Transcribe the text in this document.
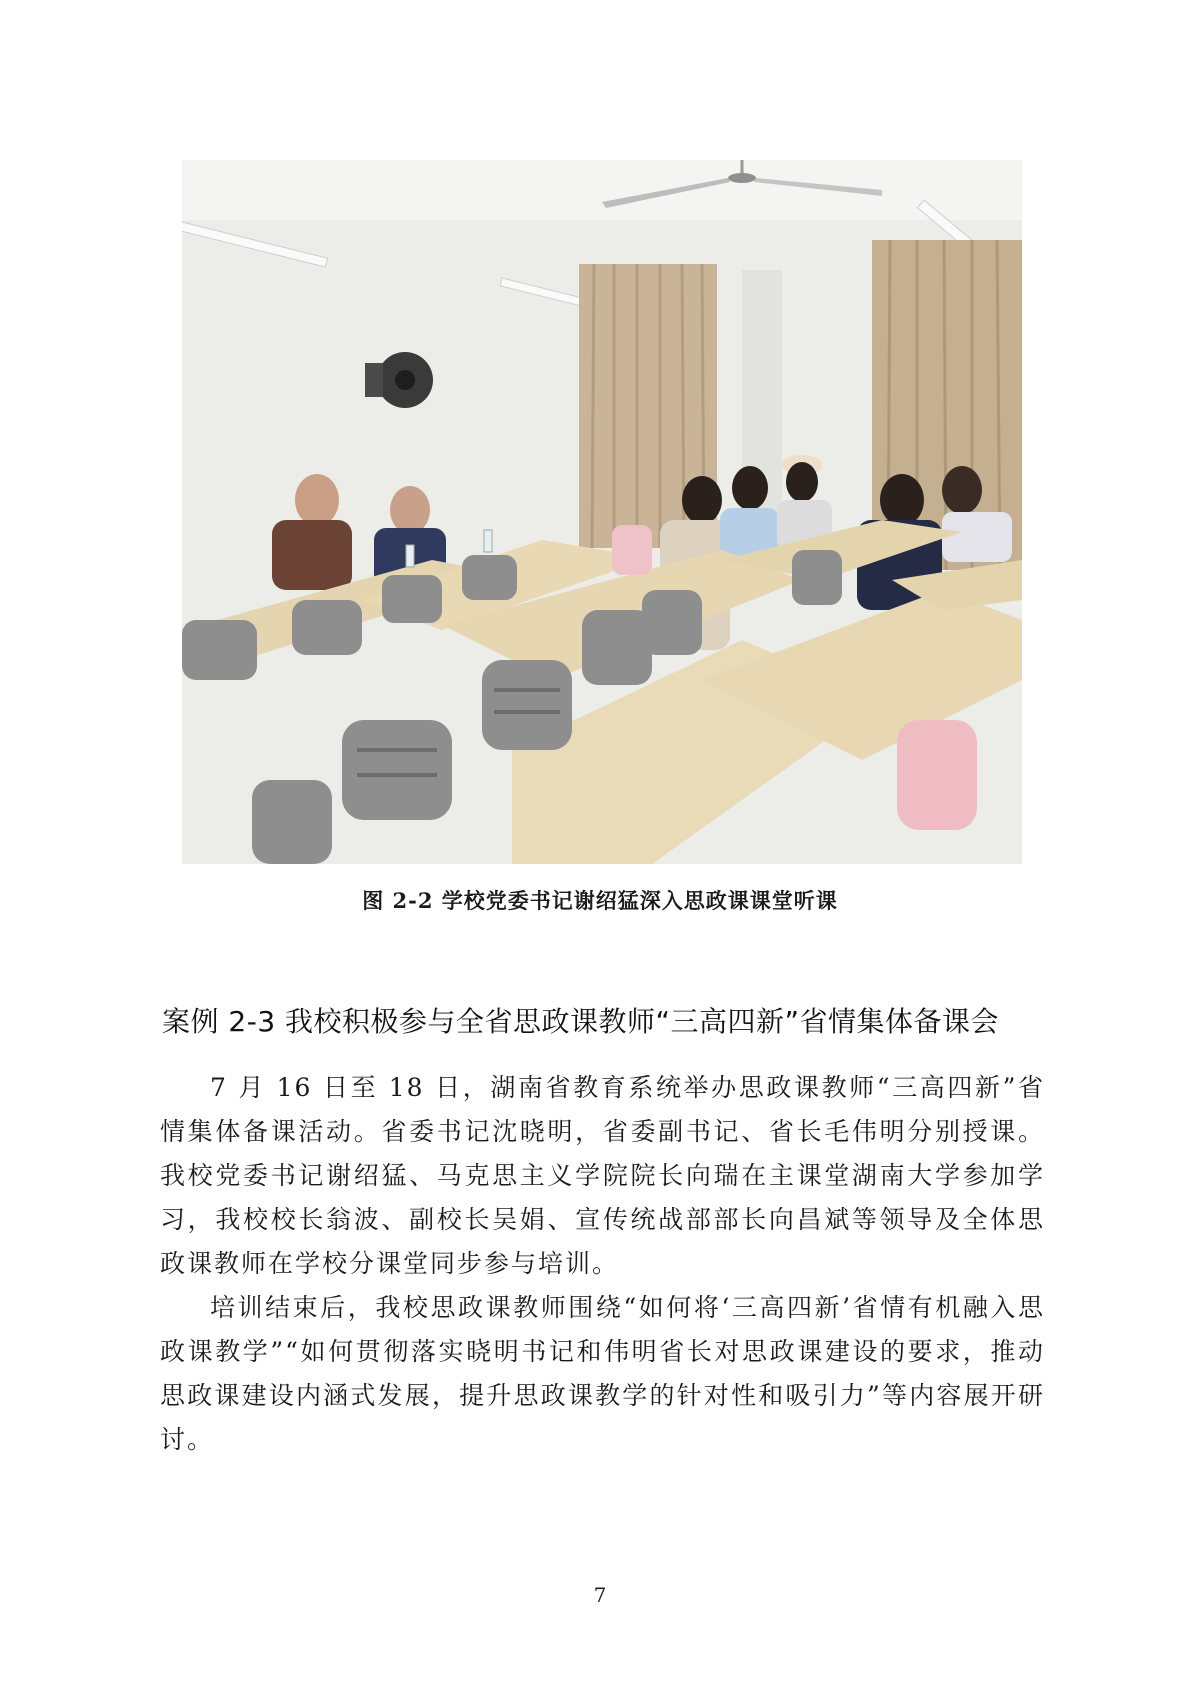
图 2-2 学校党委书记谢绍猛深入思政课课堂听课
案例 2-3 我校积极参与全省思政课教师“三高四新”省情集体备课会

7 月 16 日至 18 日，湖南省教育系统举办思政课教师“三高四新”省情集体备课活动。省委书记沈晓明，省委副书记、省长毛伟明分别授课。我校党委书记谢绍猛、马克思主义学院院长向瑞在主课堂湖南大学参加学习，我校校长翁波、副校长吴娟、宣传统战部部长向昌斌等领导及全体思政课教师在学校分课堂同步参与培训。

培训结束后，我校思政课教师围绕“如何将‘三高四新’省情有机融入思政课教学”“如何贯彻落实晓明书记和伟明省长对思政课建设的要求，推动思政课建设内涵式发展，提升思政课教学的针对性和吸引力”等内容展开研讨。

7
